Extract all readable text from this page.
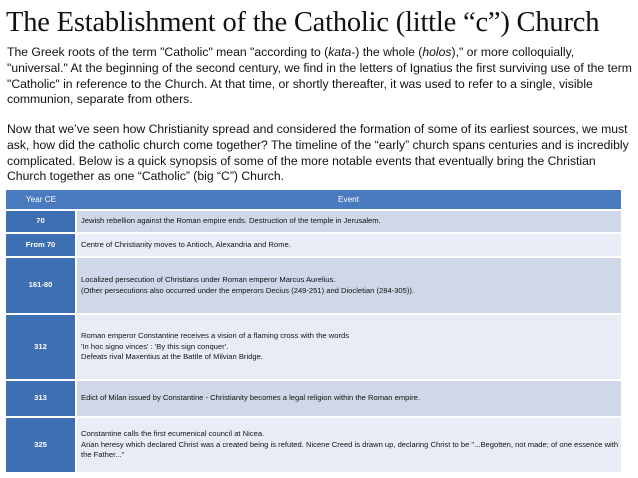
The Establishment of the Catholic (little “c”) Church

The Greek roots of the term "Catholic" mean "according to (kata-) the whole (holos)," or more colloquially, "universal." At the beginning of the second century, we find in the letters of Ignatius the first surviving use of the term "Catholic" in reference to the Church. At that time, or shortly thereafter, it was used to refer to a single, visible communion, separate from others.

Now that we’ve seen how Christianity spread and considered the formation of some of its earliest sources, we must ask, how did the catholic church come together? The timeline of the “early” church spans centuries and is incredibly complicated. Below is a quick synopsis of some of the more notable events that eventually bring the Christian Church together as one “Catholic” (big “C”) Church.

Year CE	Event
70	Jewish rebellion against the Roman empire ends. Destruction of the temple in Jerusalem.

From 70	Centre of Christianity moves to Antioch, Alexandria and Rome.

161-80	Localized persecution of Christians under Roman emperor Marcus Aurelius.
(Other persecutions also occurred under the emperors Decius (249-251) and Diocletian (284-305)).

312	Roman emperor Constantine receives a vision of a flaming cross with the words
'In hoc signo vinces' : 'By this sign conquer'.
Defeats rival Maxentius at the Battle of Milvian Bridge.

313	Edict of Milan issued by Constantine - Christianity becomes a legal religion within the Roman empire.

325	Constantine calls the first ecumenical council at Nicea.
Arian heresy which declared Christ was a created being is refuted. Nicene Creed is drawn up, declaring Christ to be "...Begotten, not made; of one essence with the Father..."
